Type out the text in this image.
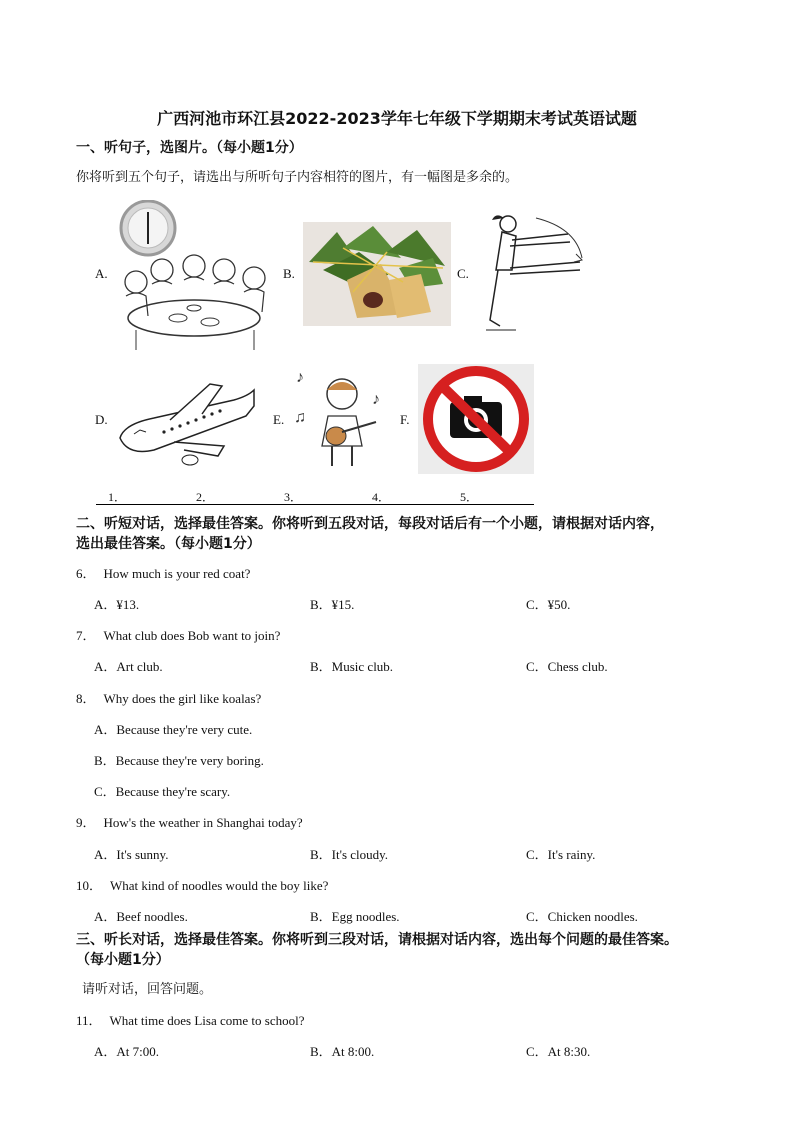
广西河池市环江县2022-2023学年七年级下学期期末考试英语试题
一、听句子，选图片。（每小题1分）
你将听到五个句子，请选出与所听句子内容相符的图片，有一幅图是多余的。
A.	B.	C.
D.	E.
♪
♫
♪
F.
1．	2．	3．	4．	5．
二、听短对话，选择最佳答案。你将听到五段对话，每段对话后有一个小题，请根据对话内容，
选出最佳答案。（每小题1分）
6． How much is your red coat?
A．¥13.	B．¥15.	C．¥50.
7． What club does Bob want to join?
A．Art club.	B．Music club.	C．Chess club.
8． Why does the girl like koalas?
A．Because they're very cute.
B．Because they're very boring.
C．Because they're scary.
9． How's the weather in Shanghai today?
A．It's sunny.	B．It's cloudy.	C．It's rainy.
10． What kind of noodles would the boy like?
A．Beef noodles.	B．Egg noodles.	C．Chicken noodles.
三、听长对话，选择最佳答案。你将听到三段对话，请根据对话内容，选出每个问题的最佳答案。
（每小题1分）
请听对话，回答问题。
11． What time does Lisa come to school?
A．At 7:00.	B．At 8:00.	C．At 8:30.
